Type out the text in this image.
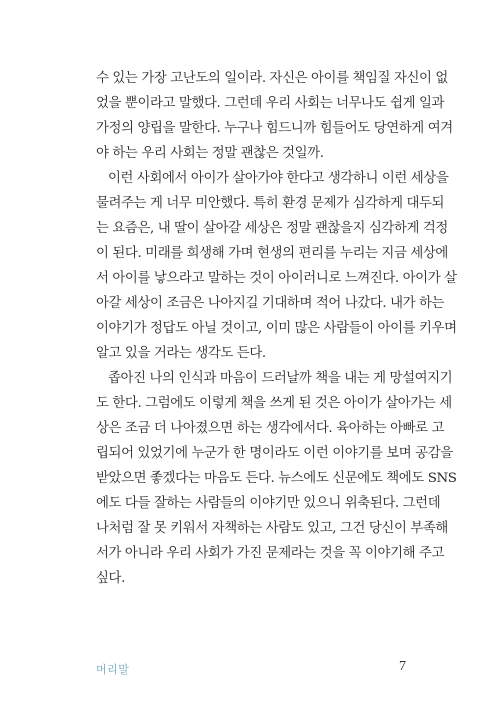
수 있는 가장 고난도의 일이라. 자신은 아이를 책임질 자신이 없
었을 뿐이라고 말했다. 그런데 우리 사회는 너무나도 쉽게 일과
가정의 양립을 말한다. 누구나 힘드니까 힘들어도 당연하게 여겨
야 하는 우리 사회는 정말 괜찮은 것일까.
이런 사회에서 아이가 살아가야 한다고 생각하니 이런 세상을
물려주는 게 너무 미안했다. 특히 환경 문제가 심각하게 대두되
는 요즘은, 내 딸이 살아갈 세상은 정말 괜찮을지 심각하게 걱정
이 된다. 미래를 희생해 가며 현생의 편리를 누리는 지금 세상에
서 아이를 낳으라고 말하는 것이 아이러니로 느껴진다. 아이가 살
아갈 세상이 조금은 나아지길 기대하며 적어 나갔다. 내가 하는
이야기가 정답도 아닐 것이고, 이미 많은 사람들이 아이를 키우며
알고 있을 거라는 생각도 든다.
좁아진 나의 인식과 마음이 드러날까 책을 내는 게 망설여지기
도 한다. 그럼에도 이렇게 책을 쓰게 된 것은 아이가 살아가는 세
상은 조금 더 나아졌으면 하는 생각에서다. 육아하는 아빠로 고
립되어 있었기에 누군가 한 명이라도 이런 이야기를 보며 공감을
받았으면 좋겠다는 마음도 든다. 뉴스에도 신문에도 책에도 SNS
에도 다들 잘하는 사람들의 이야기만 있으니 위축된다. 그런데
나처럼 잘 못 키워서 자책하는 사람도 있고, 그건 당신이 부족해
서가 아니라 우리 사회가 가진 문제라는 것을 꼭 이야기해 주고
싶다.
머리말	7
